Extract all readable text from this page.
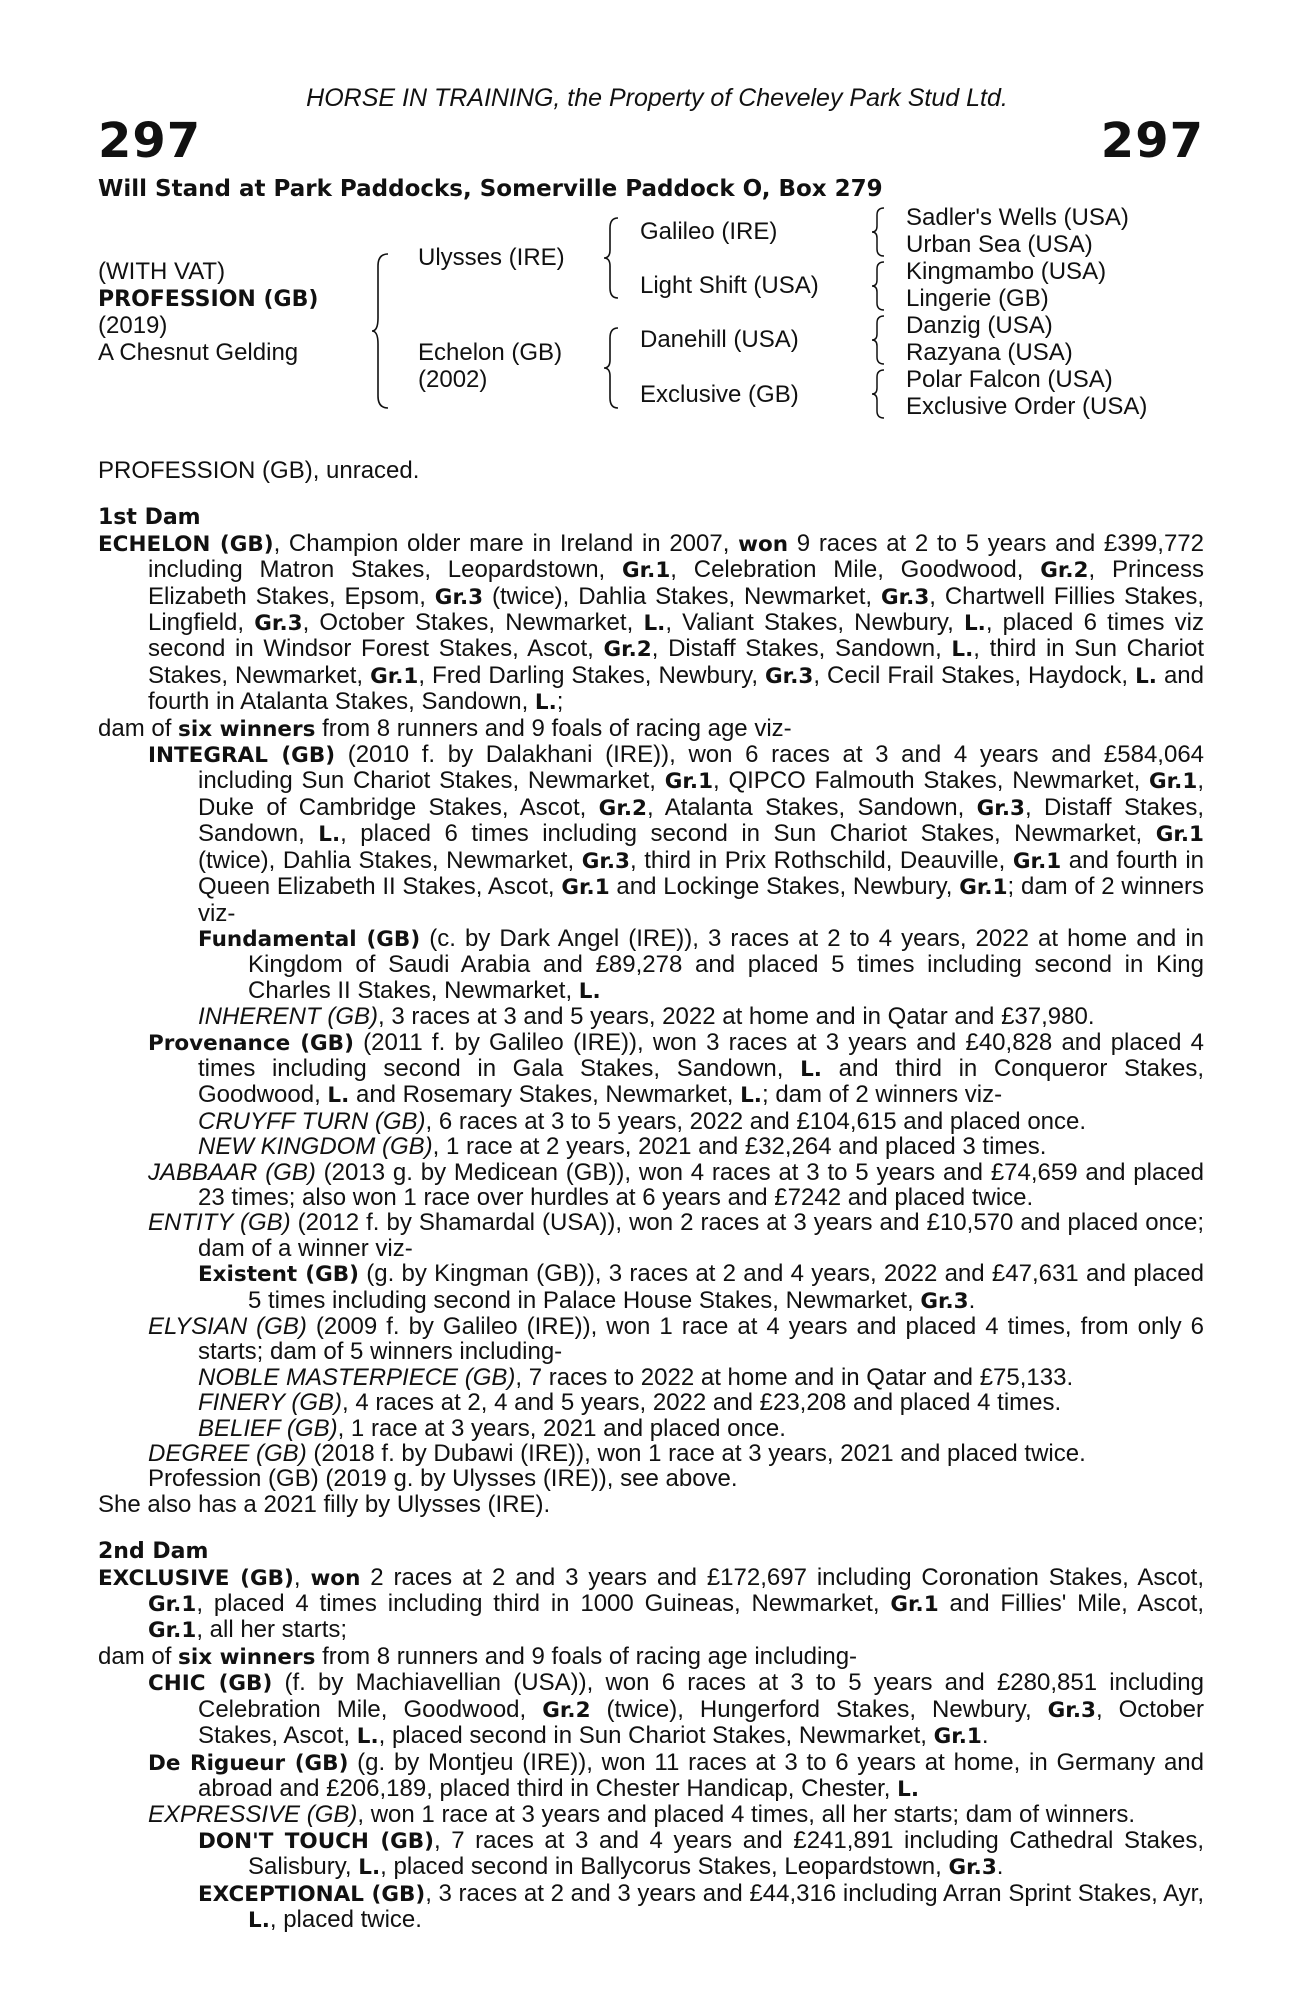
HORSE IN TRAINING, the Property of Cheveley Park Stud Ltd.
297	297
Will Stand at Park Paddocks, Somerville Paddock O, Box 279
(WITH VAT)
PROFESSION (GB)
(2019)
A Chesnut Gelding
Ulysses (IRE)
Echelon (GB)
(2002)
Galileo (IRE)
Light Shift (USA)
Danehill (USA)
Exclusive (GB)
Sadler's Wells (USA)
Urban Sea (USA)
Kingmambo (USA)
Lingerie (GB)
Danzig (USA)
Razyana (USA)
Polar Falcon (USA)
Exclusive Order (USA)

PROFESSION (GB), unraced.

1st Dam

ECHELON (GB), Champion older mare in Ireland in 2007, won 9 races at 2 to 5 years and £399,772 including Matron Stakes, Leopardstown, Gr.1, Celebration Mile, Goodwood, Gr.2, Princess Elizabeth Stakes, Epsom, Gr.3 (twice), Dahlia Stakes, Newmarket, Gr.3, Chartwell Fillies Stakes, Lingfield, Gr.3, October Stakes, Newmarket, L., Valiant Stakes, Newbury, L., placed 6 times viz second in Windsor Forest Stakes, Ascot, Gr.2, Distaff Stakes, Sandown, L., third in Sun Chariot Stakes, Newmarket, Gr.1, Fred Darling Stakes, Newbury, Gr.3, Cecil Frail Stakes, Haydock, L. and fourth in Atalanta Stakes, Sandown, L.;

dam of six winners from 8 runners and 9 foals of racing age viz-

INTEGRAL (GB) (2010 f. by Dalakhani (IRE)), won 6 races at 3 and 4 years and £584,064 including Sun Chariot Stakes, Newmarket, Gr.1, QIPCO Falmouth Stakes, Newmarket, Gr.1, Duke of Cambridge Stakes, Ascot, Gr.2, Atalanta Stakes, Sandown, Gr.3, Distaff Stakes, Sandown, L., placed 6 times including second in Sun Chariot Stakes, Newmarket, Gr.1 (twice), Dahlia Stakes, Newmarket, Gr.3, third in Prix Rothschild, Deauville, Gr.1 and fourth in Queen Elizabeth II Stakes, Ascot, Gr.1 and Lockinge Stakes, Newbury, Gr.1; dam of 2 winners viz-

Fundamental (GB) (c. by Dark Angel (IRE)), 3 races at 2 to 4 years, 2022 at home and in Kingdom of Saudi Arabia and £89,278 and placed 5 times including second in King Charles II Stakes, Newmarket, L.

INHERENT (GB), 3 races at 3 and 5 years, 2022 at home and in Qatar and £37,980.

Provenance (GB) (2011 f. by Galileo (IRE)), won 3 races at 3 years and £40,828 and placed 4 times including second in Gala Stakes, Sandown, L. and third in Conqueror Stakes, Goodwood, L. and Rosemary Stakes, Newmarket, L.; dam of 2 winners viz-

CRUYFF TURN (GB), 6 races at 3 to 5 years, 2022 and £104,615 and placed once.

NEW KINGDOM (GB), 1 race at 2 years, 2021 and £32,264 and placed 3 times.

JABBAAR (GB) (2013 g. by Medicean (GB)), won 4 races at 3 to 5 years and £74,659 and placed 23 times; also won 1 race over hurdles at 6 years and £7242 and placed twice.

ENTITY (GB) (2012 f. by Shamardal (USA)), won 2 races at 3 years and £10,570 and placed once; dam of a winner viz-

Existent (GB) (g. by Kingman (GB)), 3 races at 2 and 4 years, 2022 and £47,631 and placed 5 times including second in Palace House Stakes, Newmarket, Gr.3.

ELYSIAN (GB) (2009 f. by Galileo (IRE)), won 1 race at 4 years and placed 4 times, from only 6 starts; dam of 5 winners including-

NOBLE MASTERPIECE (GB), 7 races to 2022 at home and in Qatar and £75,133.

FINERY (GB), 4 races at 2, 4 and 5 years, 2022 and £23,208 and placed 4 times.

BELIEF (GB), 1 race at 3 years, 2021 and placed once.

DEGREE (GB) (2018 f. by Dubawi (IRE)), won 1 race at 3 years, 2021 and placed twice.

Profession (GB) (2019 g. by Ulysses (IRE)), see above.

She also has a 2021 filly by Ulysses (IRE).

2nd Dam

EXCLUSIVE (GB), won 2 races at 2 and 3 years and £172,697 including Coronation Stakes, Ascot, Gr.1, placed 4 times including third in 1000 Guineas, Newmarket, Gr.1 and Fillies' Mile, Ascot, Gr.1, all her starts;

dam of six winners from 8 runners and 9 foals of racing age including-

CHIC (GB) (f. by Machiavellian (USA)), won 6 races at 3 to 5 years and £280,851 including Celebration Mile, Goodwood, Gr.2 (twice), Hungerford Stakes, Newbury, Gr.3, October Stakes, Ascot, L., placed second in Sun Chariot Stakes, Newmarket, Gr.1.

De Rigueur (GB) (g. by Montjeu (IRE)), won 11 races at 3 to 6 years at home, in Germany and abroad and £206,189, placed third in Chester Handicap, Chester, L.

EXPRESSIVE (GB), won 1 race at 3 years and placed 4 times, all her starts; dam of winners.

DON'T TOUCH (GB), 7 races at 3 and 4 years and £241,891 including Cathedral Stakes, Salisbury, L., placed second in Ballycorus Stakes, Leopardstown, Gr.3.

EXCEPTIONAL (GB), 3 races at 2 and 3 years and £44,316 including Arran Sprint Stakes, Ayr, L., placed twice.
